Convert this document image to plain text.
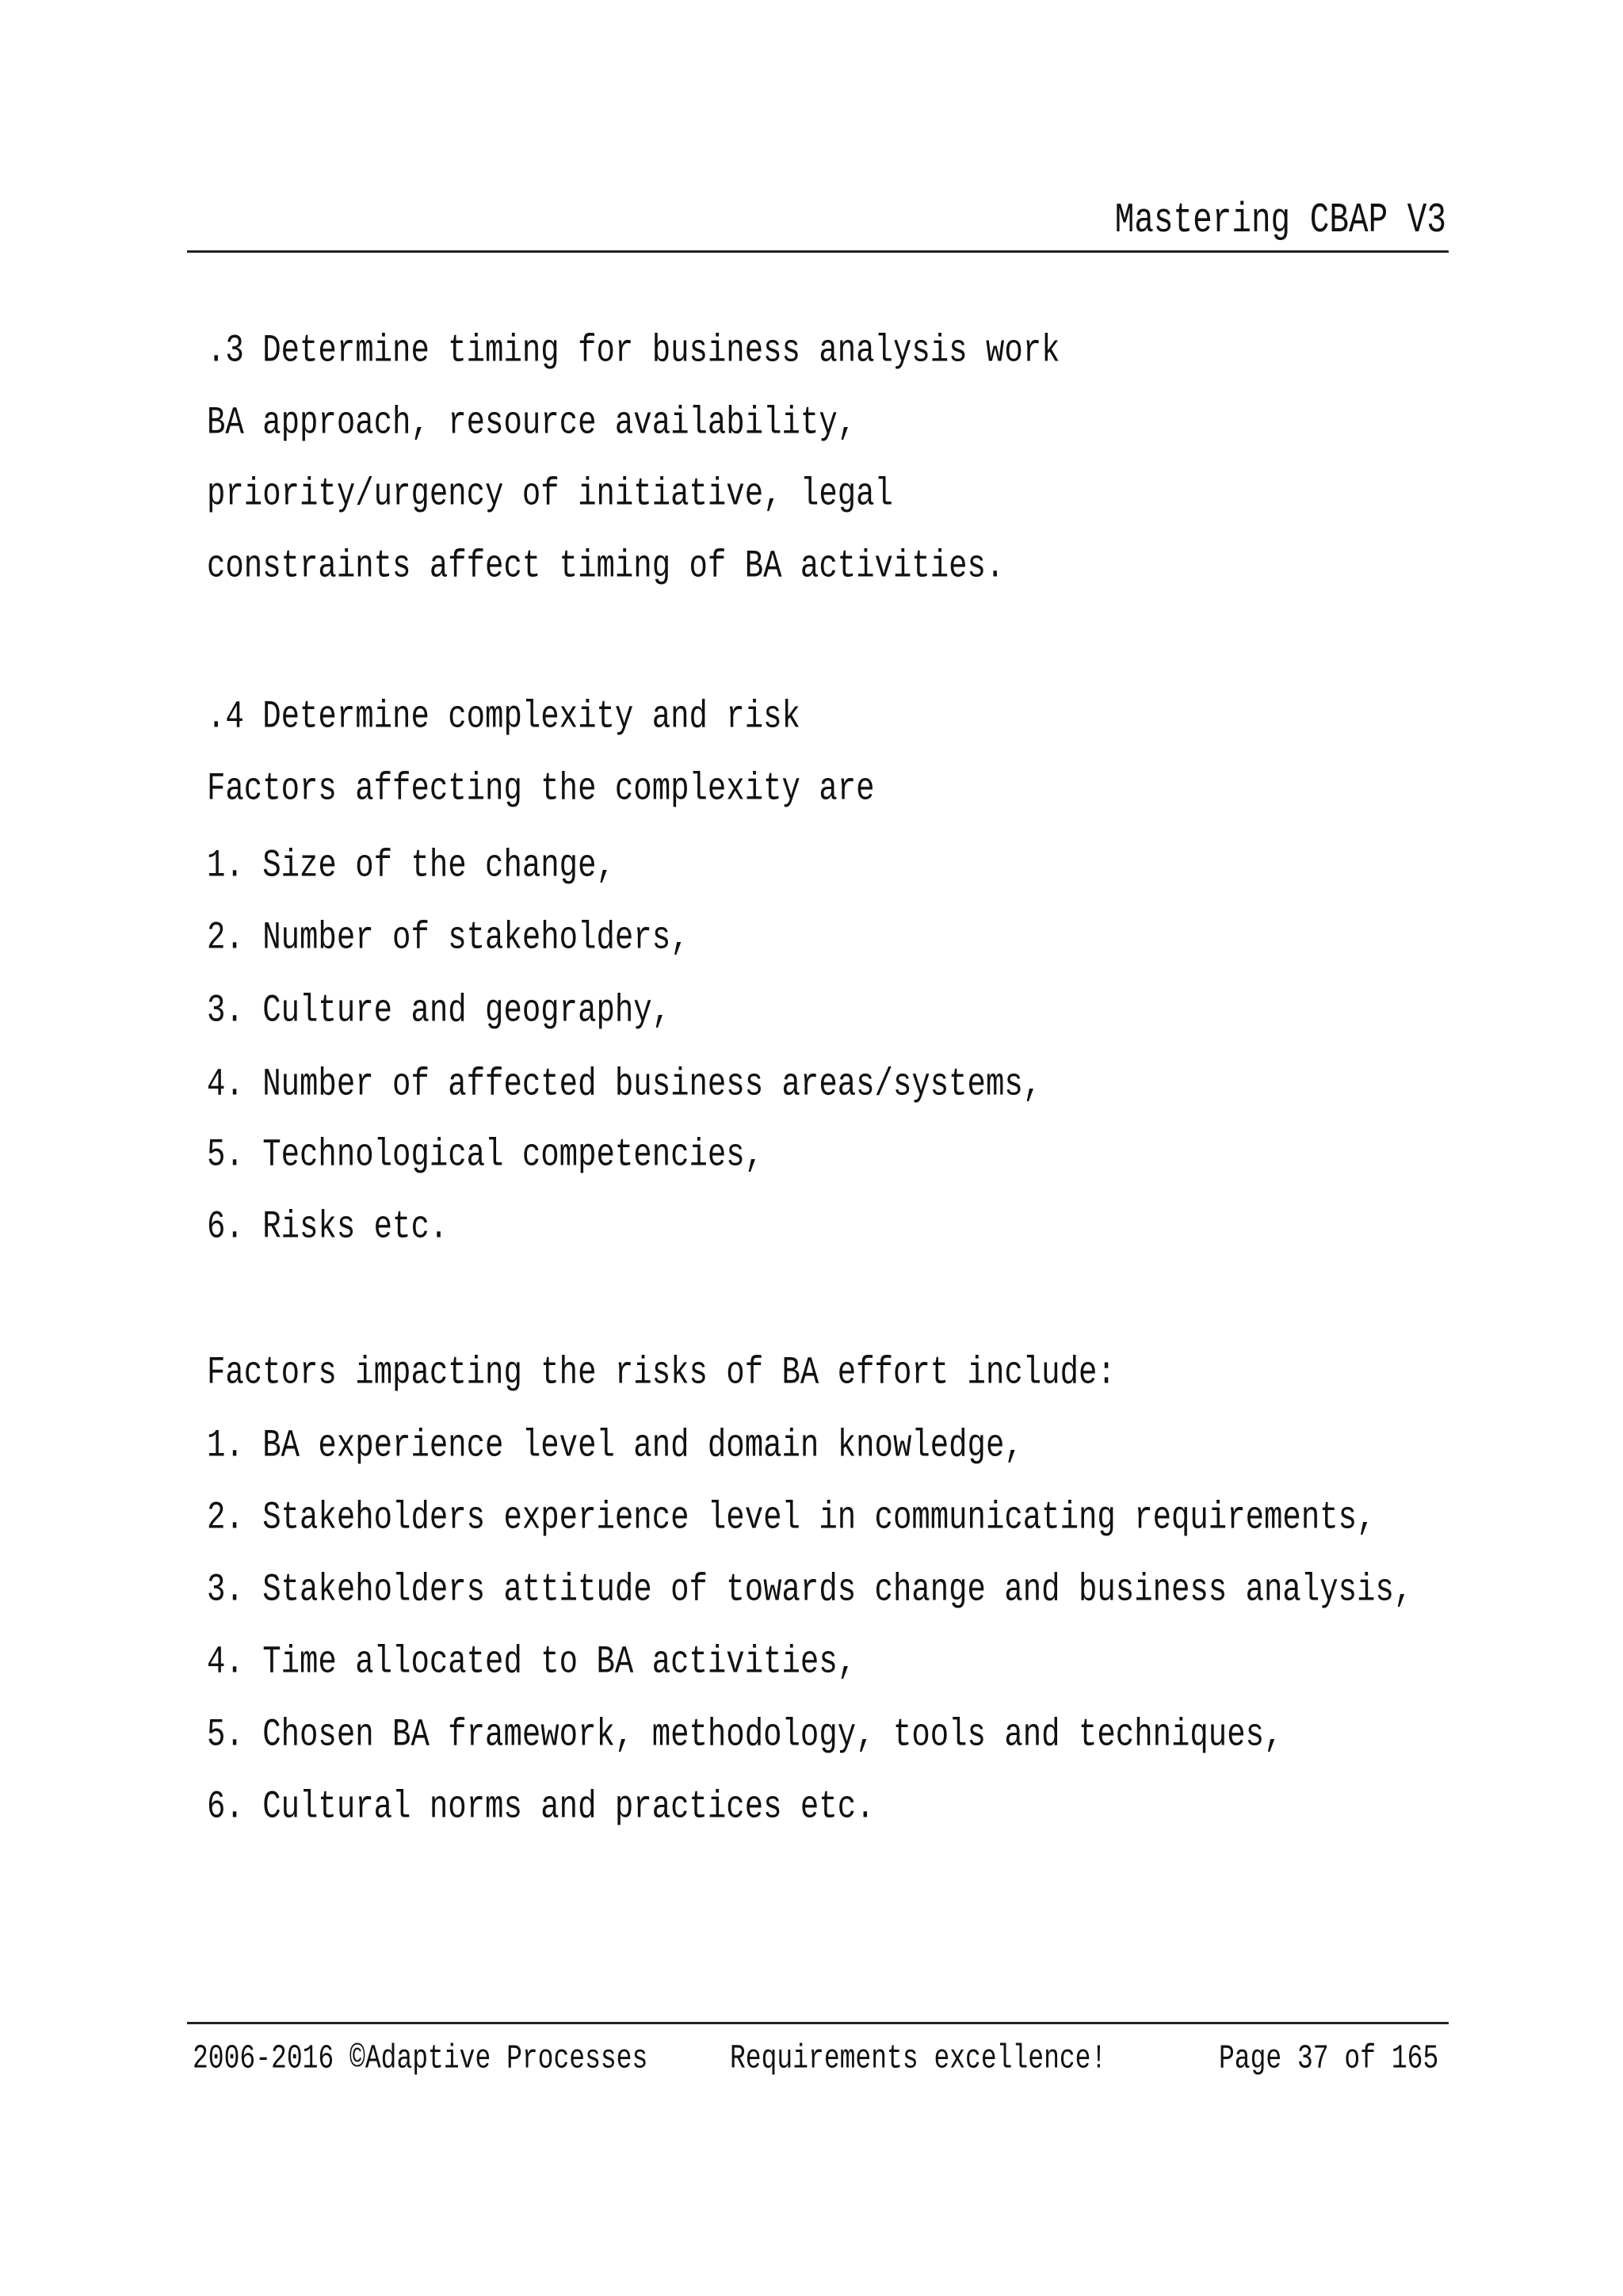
Mastering CBAP V3
.3 Determine timing for business analysis work
BA approach, resource availability,
priority/urgency of initiative, legal
constraints affect timing of BA activities.
.4 Determine complexity and risk
Factors affecting the complexity are
1. Size of the change,
2. Number of stakeholders,
3. Culture and geography,
4. Number of affected business areas/systems,
5. Technological competencies,
6. Risks etc.
Factors impacting the risks of BA effort include:
1. BA experience level and domain knowledge,
2. Stakeholders experience level in communicating requirements,
3. Stakeholders attitude of towards change and business analysis,
4. Time allocated to BA activities,
5. Chosen BA framework, methodology, tools and techniques,
6. Cultural norms and practices etc.
2006-2016 ©Adaptive Processes	Requirements excellence!	Page 37 of 165
